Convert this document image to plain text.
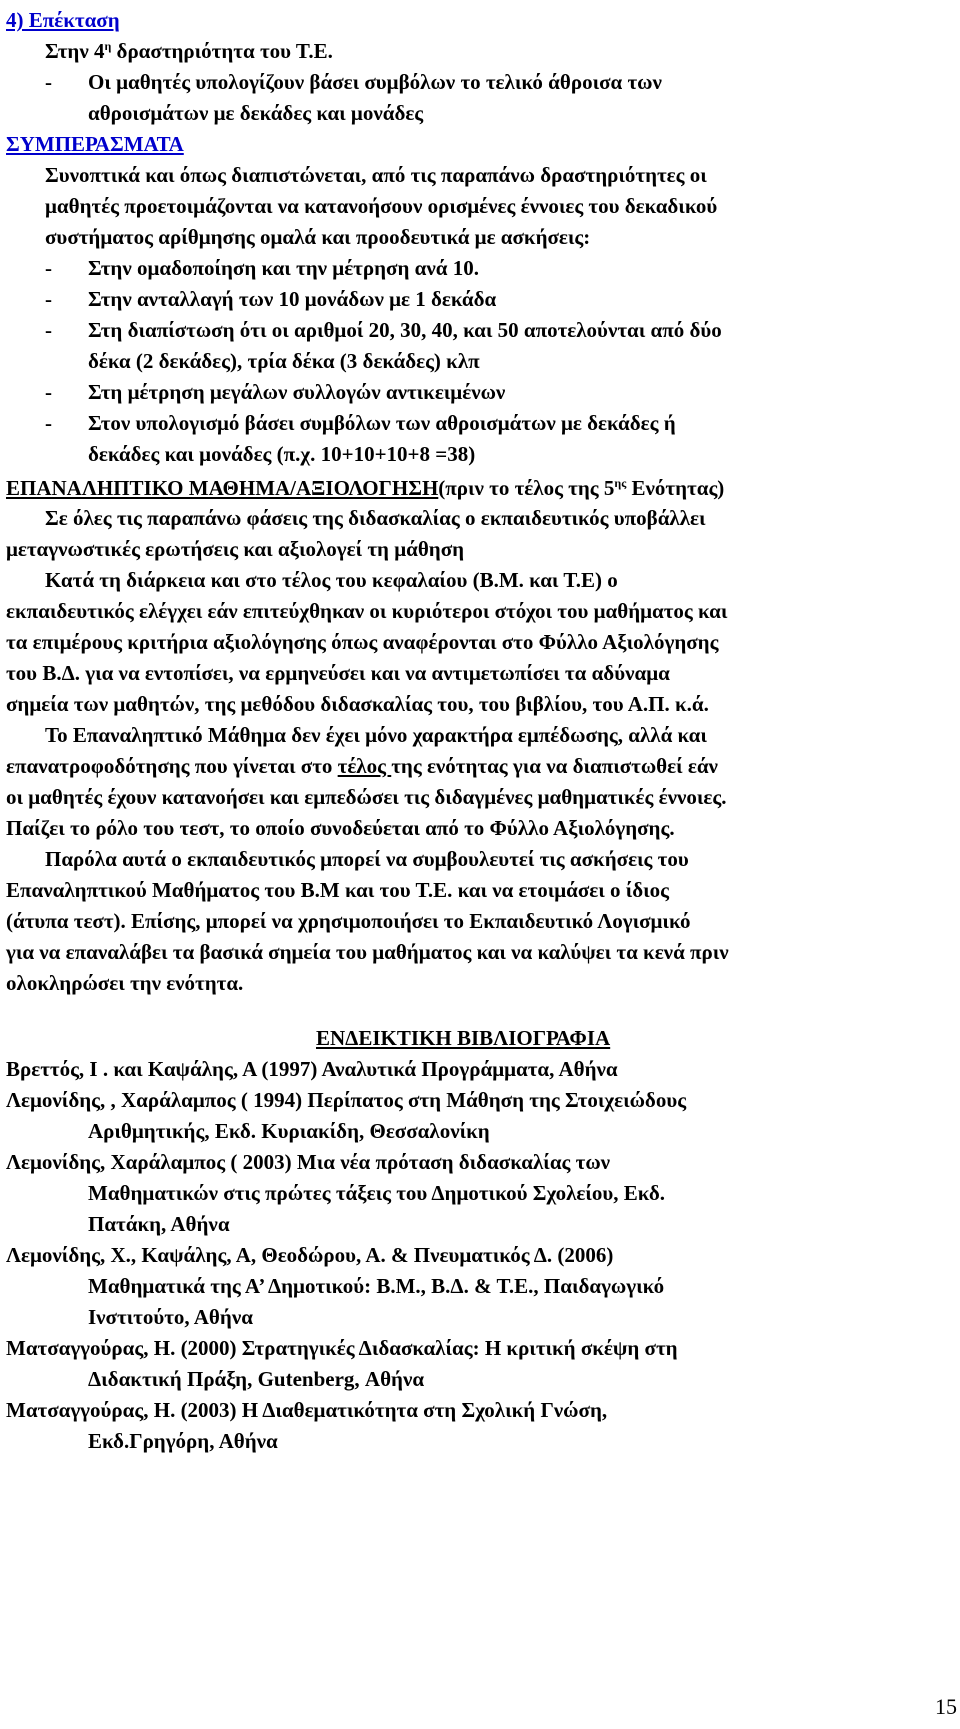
4) Επέκταση
Στην $4^\eta$ δραστηριότητα του Τ.Ε.
- Οι μαθητές υπολογίζουν βάσει συμβόλων το τελικό άθροισα των
αθροισμάτων με δεκάδες και μονάδες
ΣΥΜΠΕΡΑΣΜΑΤΑ
Συνοπτικά και όπως διαπιστώνεται, από τις παραπάνω δραστηριότητες οι
μαθητές προετοιμάζονται να κατανοήσουν ορισμένες έννοιες του δεκαδικού
συστήματος αρίθμησης ομαλά και προοδευτικά με ασκήσεις:
- Στην ομαδοποίηση και την μέτρηση ανά 10.
- Στην ανταλλαγή των 10 μονάδων με 1 δεκάδα
- Στη διαπίστωση ότι οι αριθμοί 20, 30, 40, και 50 αποτελούνται από δύο
δέκα (2 δεκάδες), τρία δέκα (3 δεκάδες) κλπ
- Στη μέτρηση μεγάλων συλλογών αντικειμένων
- Στον υπολογισμό βάσει συμβόλων των αθροισμάτων με δεκάδες ή
δεκάδες και μονάδες (π.χ. 10+10+10+8 =38)
ΕΠΑΝΑΛΗΠΤΙΚΟ ΜΑΘΗΜΑ/ΑΞΙΟΛΟΓΗΣΗ(πριν το τέλος της $5^{\eta\varsigma}$ Ενότητας)
Σε όλες τις παραπάνω φάσεις της διδασκαλίας ο εκπαιδευτικός υποβάλλει
μεταγνωστικές ερωτήσεις και αξιολογεί τη μάθηση
Κατά τη διάρκεια και στο τέλος του κεφαλαίου (Β.Μ. και Τ.Ε) ο
εκπαιδευτικός ελέγχει εάν επιτεύχθηκαν οι κυριότεροι στόχοι του μαθήματος και
τα επιμέρους κριτήρια αξιολόγησης όπως αναφέρονται στο Φύλλο Αξιολόγησης
του Β.Δ. για να εντοπίσει, να ερμηνεύσει και να αντιμετωπίσει τα αδύναμα
σημεία των μαθητών, της μεθόδου διδασκαλίας του, του βιβλίου, του Α.Π. κ.ά.
Το Επαναληπτικό Μάθημα δεν έχει μόνο χαρακτήρα εμπέδωσης, αλλά και
επανατροφοδότησης που γίνεται στο τέλος της ενότητας για να διαπιστωθεί εάν
οι μαθητές έχουν κατανοήσει και εμπεδώσει τις διδαγμένες μαθηματικές έννοιες.
Παίζει το ρόλο του τεστ, το οποίο συνοδεύεται από το Φύλλο Αξιολόγησης.
Παρόλα αυτά ο εκπαιδευτικός μπορεί να συμβουλευτεί τις ασκήσεις του
Επαναληπτικού Μαθήματος του Β.Μ και του Τ.Ε. και να ετοιμάσει ο ίδιος
(άτυπα τεστ). Επίσης, μπορεί να χρησιμοποιήσει το Εκπαιδευτικό Λογισμικό
για να επαναλάβει τα βασικά σημεία του μαθήματος και να καλύψει τα κενά πριν
ολοκληρώσει την ενότητα.
ΕΝΔΕΙΚΤΙΚΗ ΒΙΒΛΙΟΓΡΑΦΙΑ
Βρεττός, Ι . και Καψάλης, Α (1997) Αναλυτικά Προγράμματα, Αθήνα
Λεμονίδης, , Χαράλαμπος ( 1994) Περίπατος στη Μάθηση της Στοιχειώδους
Αριθμητικής, Εκδ. Κυριακίδη, Θεσσαλονίκη
Λεμονίδης, Χαράλαμπος ( 2003) Μια νέα πρόταση διδασκαλίας των
Μαθηματικών στις πρώτες τάξεις του Δημοτικού Σχολείου, Εκδ.
Πατάκη, Αθήνα
Λεμονίδης, Χ., Καψάλης, Α, Θεοδώρου, Α. & Πνευματικός Δ. (2006)
Μαθηματικά της Α’ Δημοτικού: Β.Μ., Β.Δ. & Τ.Ε., Παιδαγωγικό
Ινστιτούτο, Αθήνα
Ματσαγγούρας, Η. (2000) Στρατηγικές Διδασκαλίας: Η κριτική σκέψη στη
Διδακτική Πράξη, Gutenberg, Αθήνα
Ματσαγγούρας, Η. (2003) Η Διαθεματικότητα στη Σχολική Γνώση,
Εκδ.Γρηγόρη, Αθήνα
15
